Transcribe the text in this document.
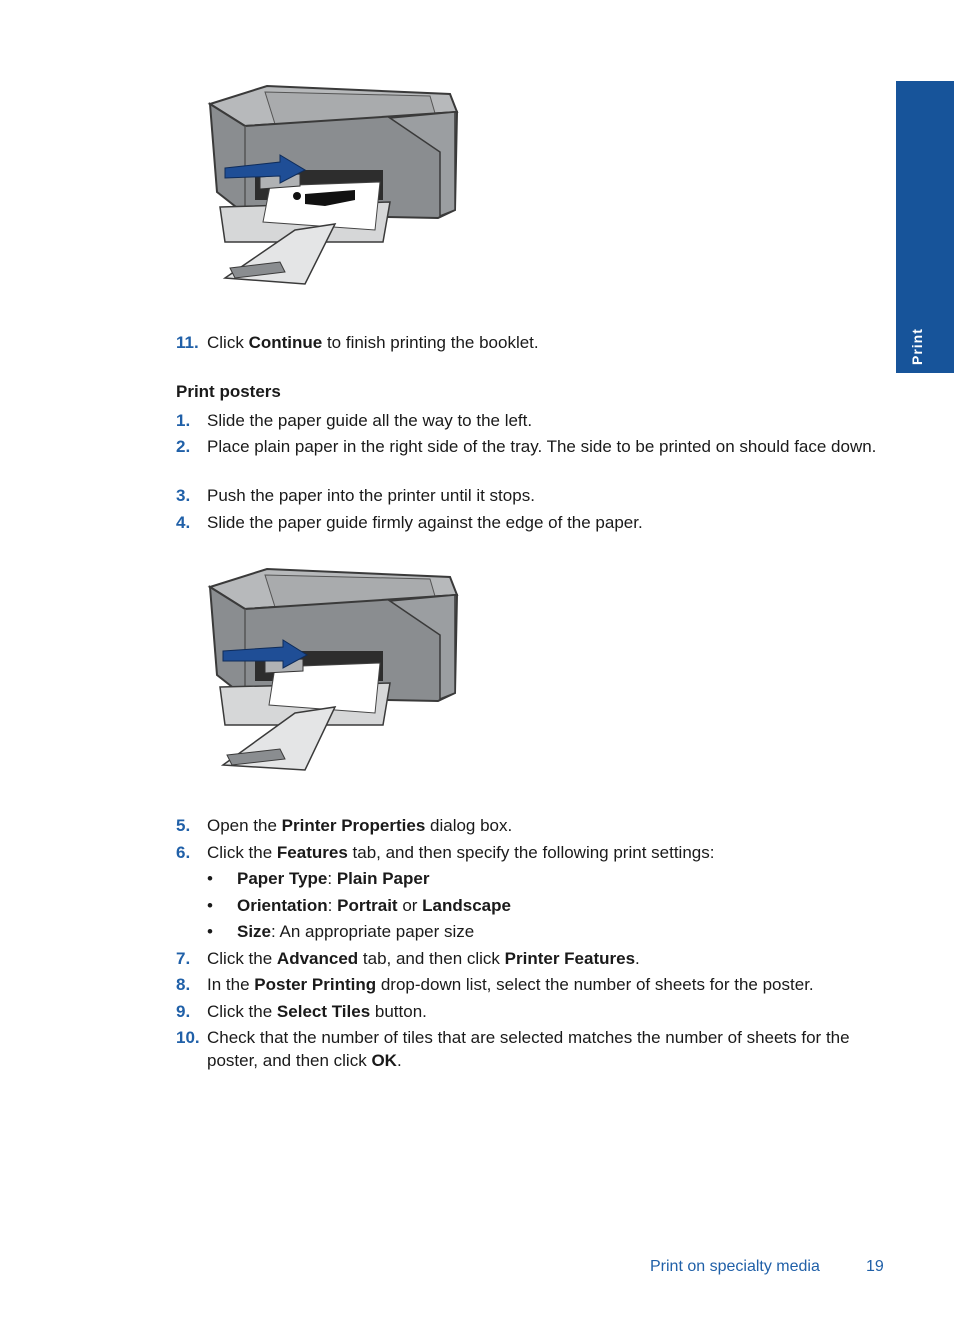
Print
11. Click Continue to finish printing the booklet.
Print posters
1. Slide the paper guide all the way to the left.
2. Place plain paper in the right side of the tray. The side to be printed on should face down.
3. Push the paper into the printer until it stops.
4. Slide the paper guide firmly against the edge of the paper.
5. Open the Printer Properties dialog box.
6. Click the Features tab, and then specify the following print settings:
• Paper Type: Plain Paper
• Orientation: Portrait or Landscape
• Size: An appropriate paper size
7. Click the Advanced tab, and then click Printer Features.
8. In the Poster Printing drop-down list, select the number of sheets for the poster.
9. Click the Select Tiles button.
10. Check that the number of tiles that are selected matches the number of sheets for the poster, and then click OK.
Print on specialty media	19
